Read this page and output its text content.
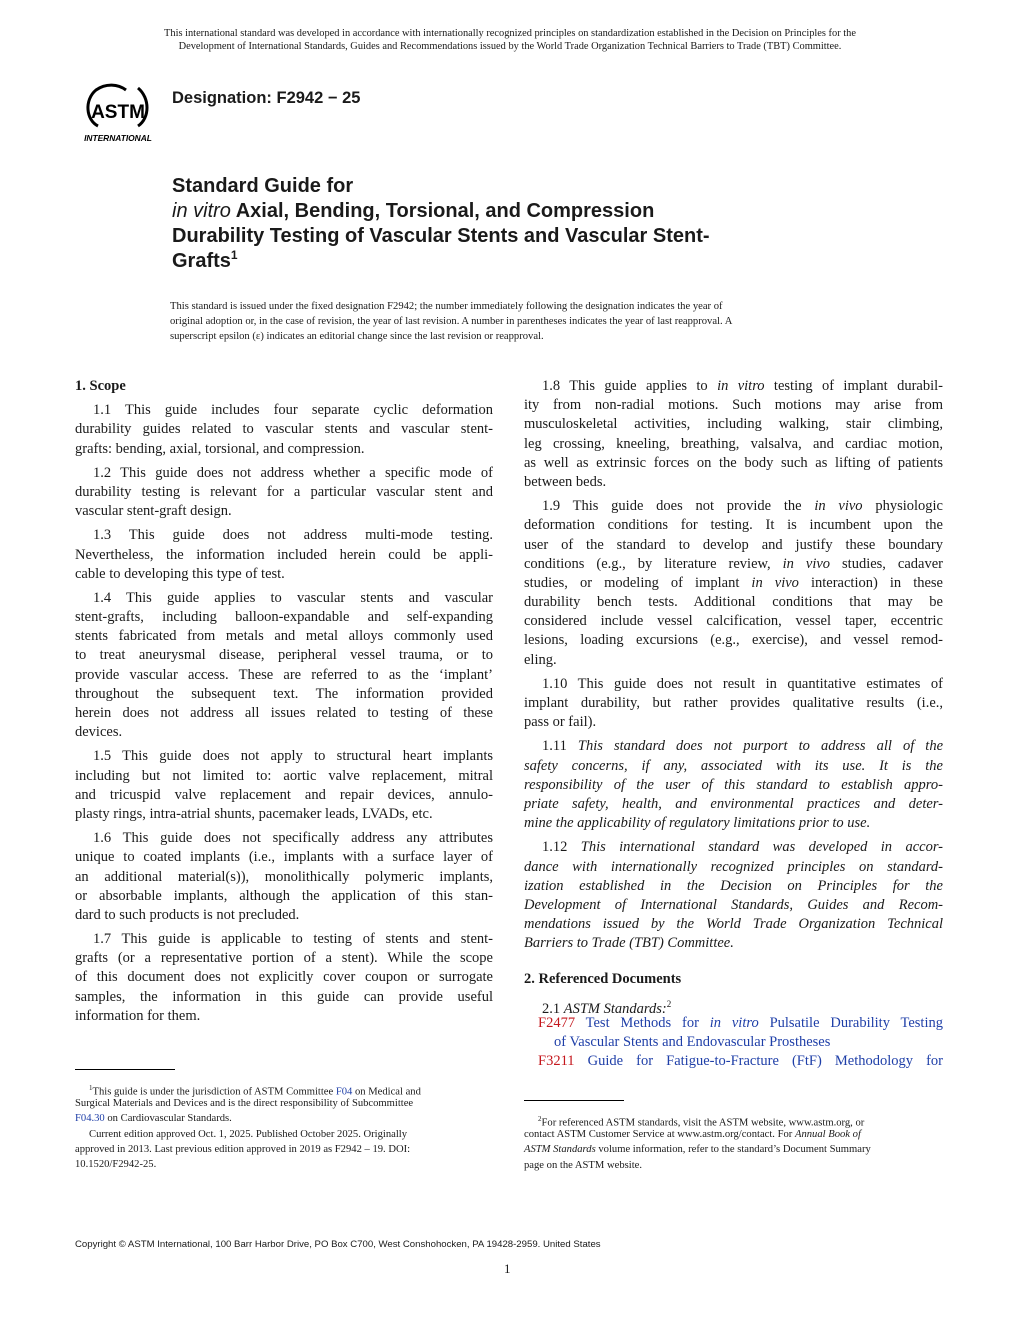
This international standard was developed in accordance with internationally recognized principles on standardization established in the Decision on Principles for the
Development of International Standards, Guides and Recommendations issued by the World Trade Organization Technical Barriers to Trade (TBT) Committee.
ASTM
INTERNATIONAL
Designation: F2942 − 25
Standard Guide for
in vitro Axial, Bending, Torsional, and Compression
Durability Testing of Vascular Stents and Vascular Stent-
Grafts$^1$
This standard is issued under the fixed designation F2942; the number immediately following the designation indicates the year of
original adoption or, in the case of revision, the year of last revision. A number in parentheses indicates the year of last reapproval. A
superscript epsilon (ε) indicates an editorial change since the last revision or reapproval.
1. Scope
1.1 This guide includes four separate cyclic deformation
durability guides related to vascular stents and vascular stent-
grafts: bending, axial, torsional, and compression.
1.2 This guide does not address whether a specific mode of
durability testing is relevant for a particular vascular stent and
vascular stent-graft design.
1.3 This guide does not address multi-mode testing.
Nevertheless, the information included herein could be appli-
cable to developing this type of test.
1.4 This guide applies to vascular stents and vascular
stent-grafts, including balloon-expandable and self-expanding
stents fabricated from metals and metal alloys commonly used
to treat aneurysmal disease, peripheral vessel trauma, or to
provide vascular access. These are referred to as the ‘implant’
throughout the subsequent text. The information provided
herein does not address all issues related to testing of these
devices.
1.5 This guide does not apply to structural heart implants
including but not limited to: aortic valve replacement, mitral
and tricuspid valve replacement and repair devices, annulo-
plasty rings, intra-atrial shunts, pacemaker leads, LVADs, etc.
1.6 This guide does not specifically address any attributes
unique to coated implants (i.e., implants with a surface layer of
an additional material(s)), monolithically polymeric implants,
or absorbable implants, although the application of this stan-
dard to such products is not precluded.
1.7 This guide is applicable to testing of stents and stent-
grafts (or a representative portion of a stent). While the scope
of this document does not explicitly cover coupon or surrogate
samples, the information in this guide can provide useful
information for them.
1.8 This guide applies to in vitro testing of implant durabil-
ity from non-radial motions. Such motions may arise from
musculoskeletal activities, including walking, stair climbing,
leg crossing, kneeling, breathing, valsalva, and cardiac motion,
as well as extrinsic forces on the body such as lifting of patients
between beds.
1.9 This guide does not provide the in vivo physiologic
deformation conditions for testing. It is incumbent upon the
user of the standard to develop and justify these boundary
conditions (e.g., by literature review, in vivo studies, cadaver
studies, or modeling of implant in vivo interaction) in these
durability bench tests. Additional conditions that may be
considered include vessel calcification, vessel taper, eccentric
lesions, loading excursions (e.g., exercise), and vessel remod-
eling.
1.10 This guide does not result in quantitative estimates of
implant durability, but rather provides qualitative results (i.e.,
pass or fail).
1.11 This standard does not purport to address all of the
safety concerns, if any, associated with its use. It is the
responsibility of the user of this standard to establish appro-
priate safety, health, and environmental practices and deter-
mine the applicability of regulatory limitations prior to use.
1.12 This international standard was developed in accor-
dance with internationally recognized principles on standard-
ization established in the Decision on Principles for the
Development of International Standards, Guides and Recom-
mendations issued by the World Trade Organization Technical
Barriers to Trade (TBT) Committee.
2. Referenced Documents
2.1 ASTM Standards:$^2$
F2477 Test Methods for in vitro Pulsatile Durability Testing
of Vascular Stents and Endovascular Prostheses
F3211 Guide for Fatigue-to-Fracture (FtF) Methodology for
$^1$This guide is under the jurisdiction of ASTM Committee F04 on Medical and
Surgical Materials and Devices and is the direct responsibility of Subcommittee
F04.30 on Cardiovascular Standards.
Current edition approved Oct. 1, 2025. Published October 2025. Originally
approved in 2013. Last previous edition approved in 2019 as F2942 – 19. DOI:
10.1520/F2942-25.
$^2$For referenced ASTM standards, visit the ASTM website, www.astm.org, or
contact ASTM Customer Service at www.astm.org/contact. For Annual Book of
ASTM Standards volume information, refer to the standard’s Document Summary
page on the ASTM website.
Copyright © ASTM International, 100 Barr Harbor Drive, PO Box C700, West Conshohocken, PA 19428-2959. United States
1
